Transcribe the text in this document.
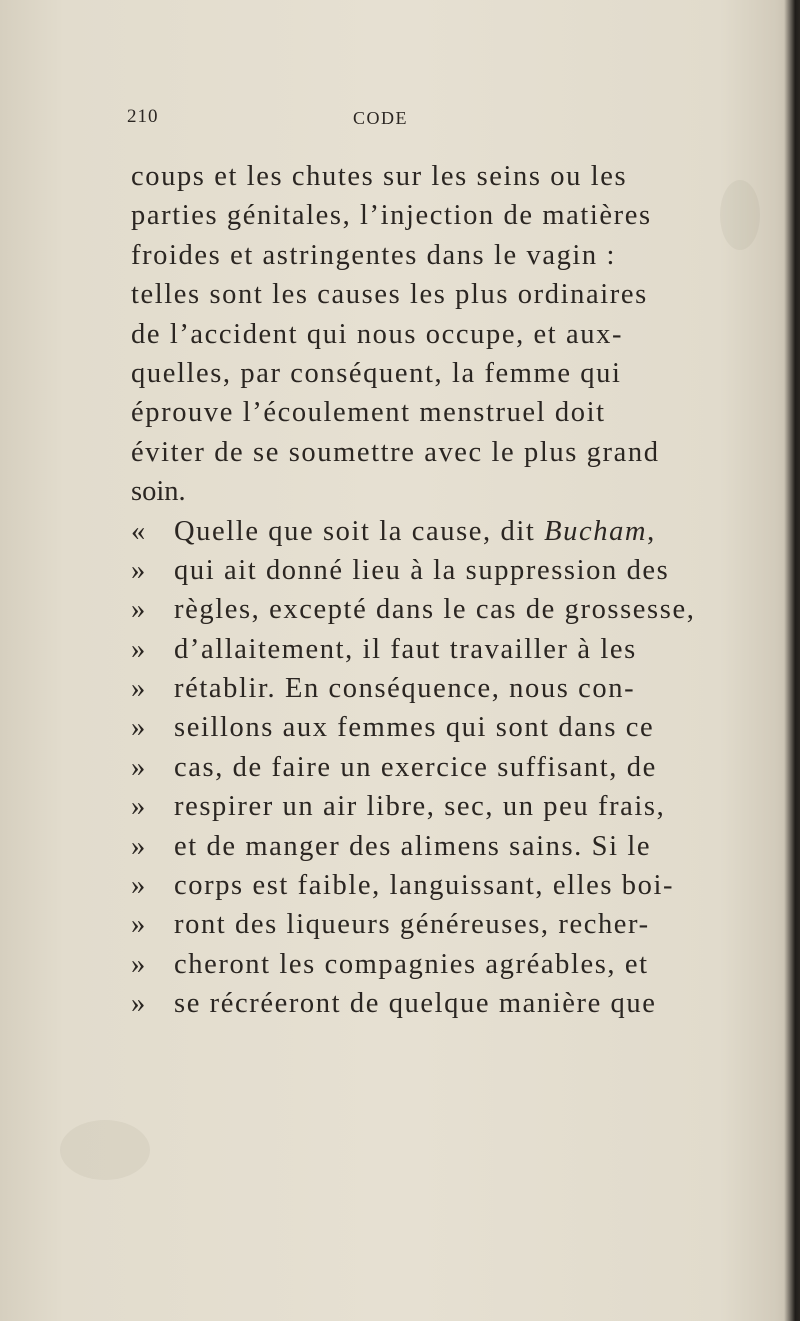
210	CODE
coups et les chutes sur les seins ou les
parties génitales, l’injection de matières
froides et astringentes dans le vagin :
telles sont les causes les plus ordinaires
de l’accident qui nous occupe, et aux-
quelles, par conséquent, la femme qui
éprouve l’écoulement menstruel doit
éviter de se soumettre avec le plus grand
soin.
«	Quelle que soit la cause, dit Bucham,
»	qui ait donné lieu à la suppression des
»	règles, excepté dans le cas de grossesse,
»	d’allaitement, il faut travailler à les
»	rétablir. En conséquence, nous con-
»	seillons aux femmes qui sont dans ce
»	cas, de faire un exercice suffisant, de
»	respirer un air libre, sec, un peu frais,
»	et de manger des alimens sains. Si le
»	corps est faible, languissant, elles boi-
»	ront des liqueurs généreuses, recher-
»	cheront les compagnies agréables, et
»	se récréeront de quelque manière que
